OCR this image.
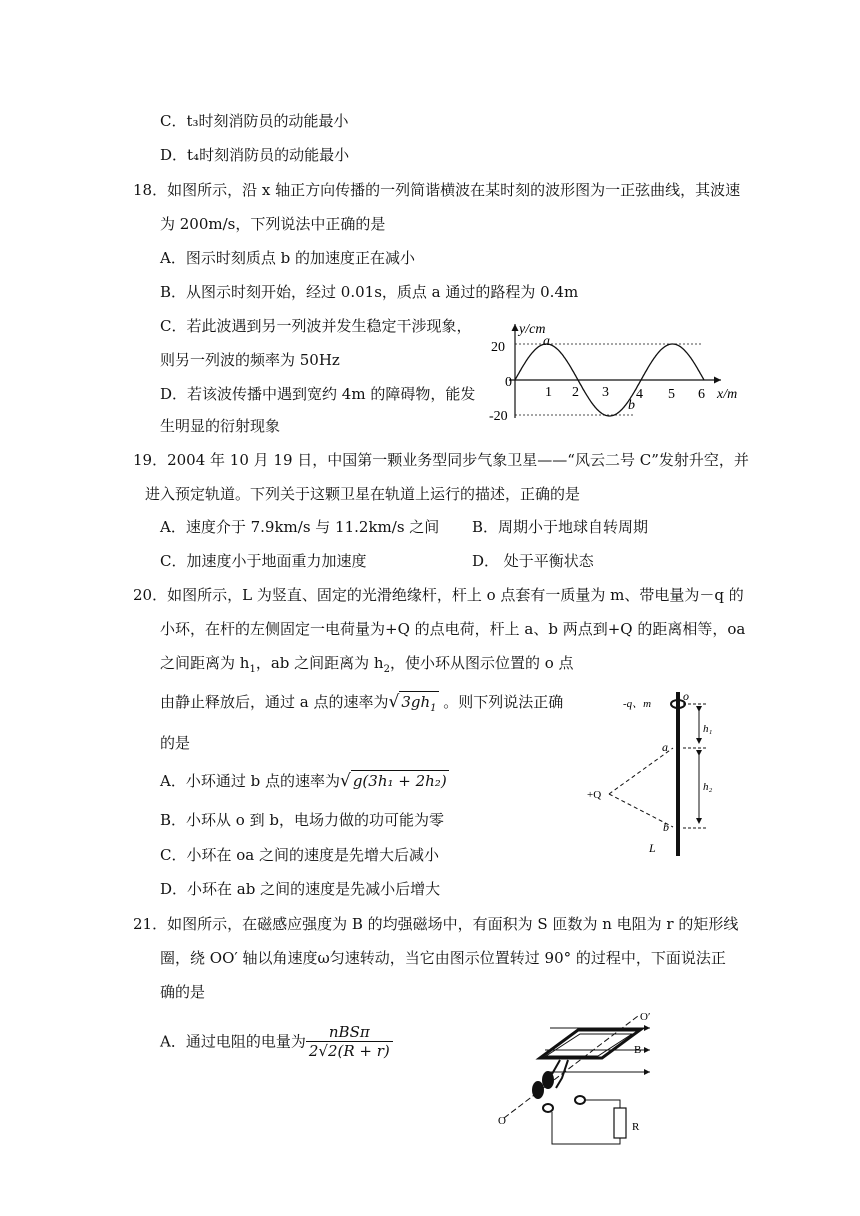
C．t₃时刻消防员的动能最小
D．t₄时刻消防员的动能最小
18．如图所示，沿 x 轴正方向传播的一列简谐横波在某时刻的波形图为一正弦曲线，其波速
为 200m/s，下列说法中正确的是
A．图示时刻质点 b 的加速度正在减小
B．从图示时刻开始，经过 0.01s，质点 a 通过的路程为 0.4m
C．若此波遇到另一列波并发生稳定干涉现象，
则另一列波的频率为 50Hz
D．若该波传播中遇到宽约 4m 的障碍物，能发
生明显的衍射现象
y/cm
x/m
20
0
-20
1 2 3 4 5 6
a
b
19．2004 年 10 月 19 日，中国第一颗业务型同步气象卫星——“风云二号 C”发射升空，并
进入预定轨道。下列关于这颗卫星在轨道上运行的描述，正确的是
A．速度介于 7.9km/s 与 11.2km/s 之间 B．周期小于地球自转周期
C．加速度小于地面重力加速度	D． 处于平衡状态
20．如图所示，L 为竖直、固定的光滑绝缘杆，杆上 o 点套有一质量为 m、带电量为－q 的
小环，在杆的左侧固定一电荷量为+Q 的点电荷，杆上 a、b 两点到+Q 的距离相等，oa
之间距离为 $h_1$，ab 之间距离为 $h_2$，使小环从图示位置的 o 点
由静止释放后，通过 a 点的速率为√ $3gh_1$ 。则下列说法正确
的是
A．小环通过 b 点的速率为√ g(3h₁ + 2h₂)
B．小环从 o 到 b，电场力做的功可能为零
C．小环在 oa 之间的速度是先增大后减小
D．小环在 ab 之间的速度是先减小后增大
-q、m
o
a
b
h₁
h₂
+Q
L
21．如图所示，在磁感应强度为 B 的均强磁场中，有面积为 S 匝数为 n 电阻为 r 的矩形线
圈，绕 OO′ 轴以角速度ω匀速转动，当它由图示位置转过 90° 的过程中，下面说法正
确的是
A．通过电阻的电量为 $\frac{\text{nBSπ}}{2√2(R + r)}$
O′
B
O	R
